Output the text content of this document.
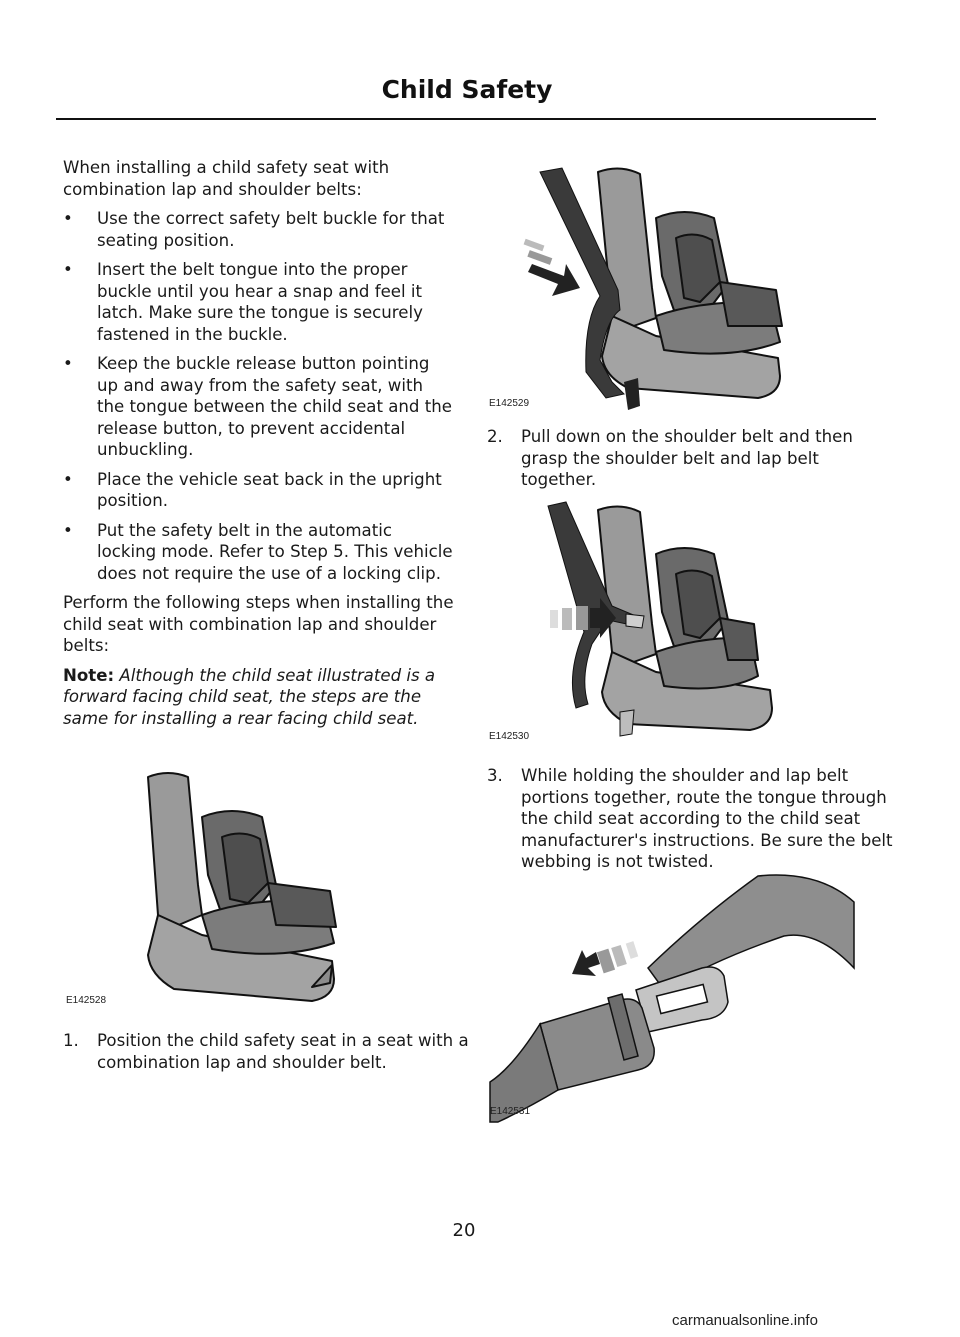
Child Safety

When installing a child safety seat with combination lap and shoulder belts:

• Use the correct safety belt buckle for that seating position.
• Insert the belt tongue into the proper buckle until you hear a snap and feel it latch. Make sure the tongue is securely fastened in the buckle.
• Keep the buckle release button pointing up and away from the safety seat, with the tongue between the child seat and the release button, to prevent accidental unbuckling.
• Place the vehicle seat back in the upright position.
• Put the safety belt in the automatic locking mode. Refer to Step 5. This vehicle does not require the use of a locking clip.

Perform the following steps when installing the child seat with combination lap and shoulder belts:

Note: Although the child seat illustrated is a forward facing child seat, the steps are the same for installing a rear facing child seat.

E142528
1. Position the child safety seat in a seat with a combination lap and shoulder belt.
E142529
2. Pull down on the shoulder belt and then grasp the shoulder belt and lap belt together.
E142530
3. While holding the shoulder and lap belt portions together, route the tongue through the child seat according to the child seat manufacturer's instructions. Be sure the belt webbing is not twisted.
E142531
20
carmanualsonline.info
